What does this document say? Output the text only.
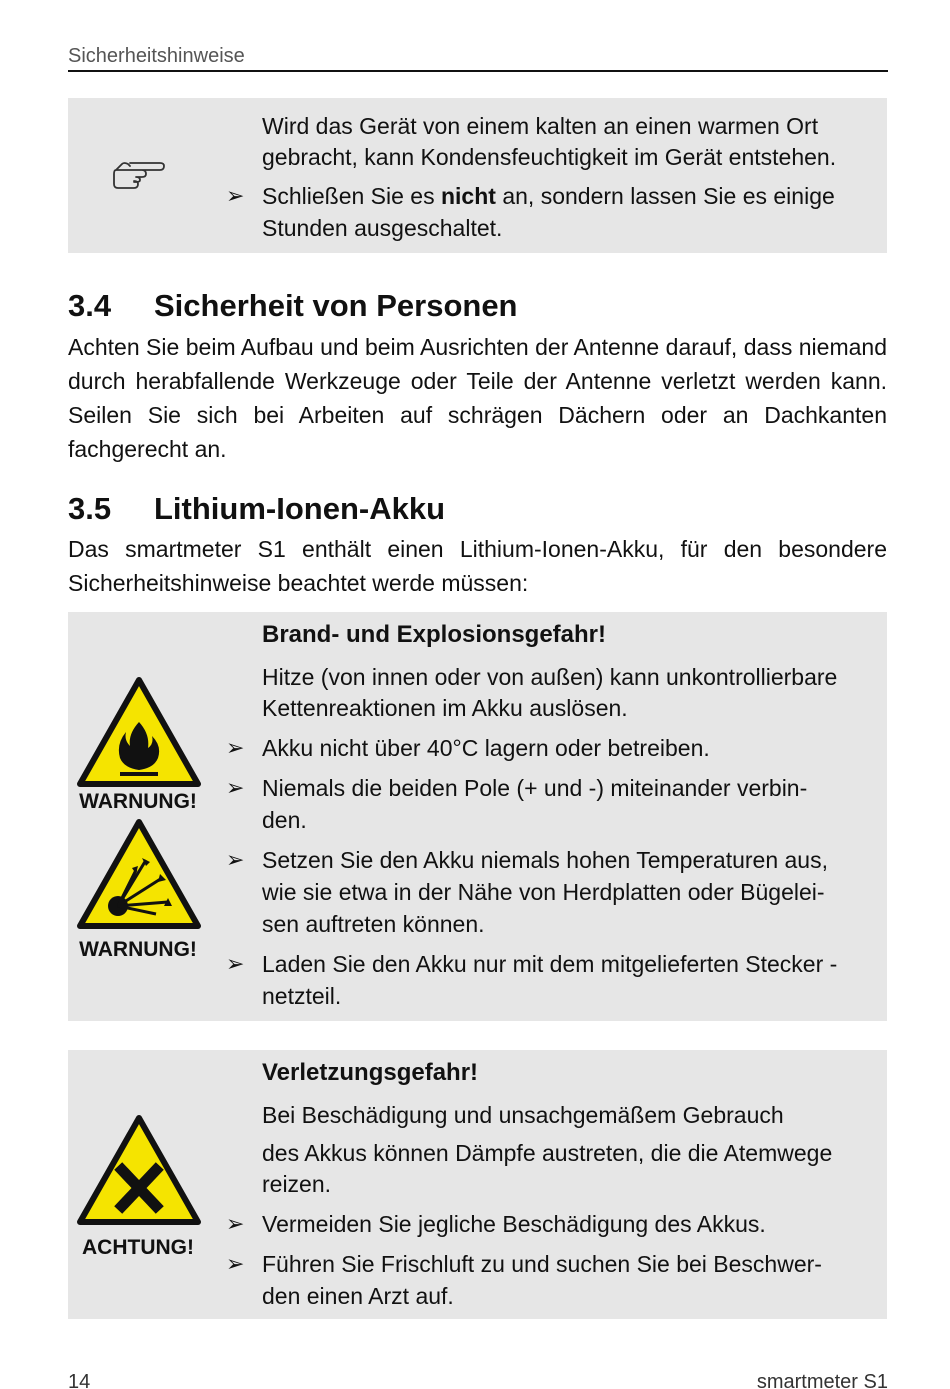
Sicherheitshinweise
Wird das Gerät von einem kalten an einen warmen Ort
gebracht, kann Kondensfeuchtigkeit im Gerät entstehen.
➢ Schließen Sie es nicht an, sondern lassen Sie es einige
Stunden ausgeschaltet.
3.4 Sicherheit von Personen
Achten Sie beim Aufbau und beim Ausrichten der Antenne darauf, dass niemand durch herabfallende Werkzeuge oder Teile der Antenne verletzt werden kann. Seilen Sie sich bei Arbeiten auf schrägen Dächern oder an Dachkanten fachgerecht an.
3.5 Lithium-Ionen-Akku
Das smartmeter S1 enthält einen Lithium-Ionen-Akku, für den besondere Sicherheitshinweise beachtet werde müssen:
WARNUNG!
WARNUNG!
Brand- und Explosionsgefahr!
Hitze (von innen oder von außen) kann unkontrollierbare
Kettenreaktionen im Akku auslösen.
➢ Akku nicht über 40°C lagern oder betreiben.
➢ Niemals die beiden Pole (+ und -) miteinander verbin-
den.
➢ Setzen Sie den Akku niemals hohen Temperaturen aus,
wie sie etwa in der Nähe von Herdplatten oder Bügelei-
sen auftreten können.
➢ Laden Sie den Akku nur mit dem mitgelieferten Stecker -
netzteil.
ACHTUNG!
Verletzungsgefahr!
Bei Beschädigung und unsachgemäßem Gebrauch
des Akkus können Dämpfe austreten, die die Atemwege
reizen.
➢ Vermeiden Sie jegliche Beschädigung des Akkus.
➢ Führen Sie Frischluft zu und suchen Sie bei Beschwer-
den einen Arzt auf.
14	smartmeter S1
